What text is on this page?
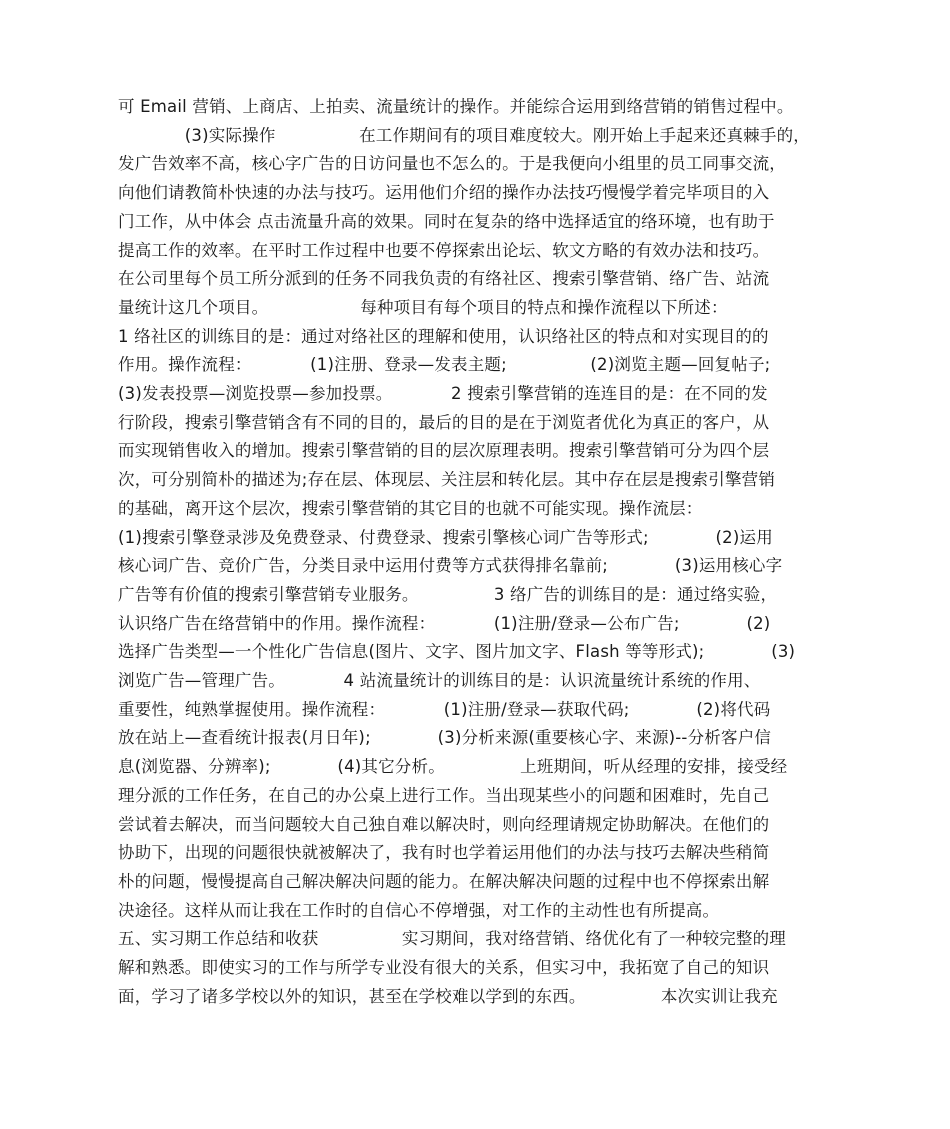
可 Email 营销、上商店、上拍卖、流量统计的操作。并能综合运用到络营销的销售过程中。
　　　　(3)实际操作　　　　　在工作期间有的项目难度较大。刚开始上手起来还真棘手的，
发广告效率不高，核心字广告的日访问量也不怎么的。于是我便向小组里的员工同事交流，
向他们请教简朴快速的办法与技巧。运用他们介绍的操作办法技巧慢慢学着完毕项目的入
门工作，从中体会 点击流量升高的效果。同时在复杂的络中选择适宜的络环境，也有助于
提高工作的效率。在平时工作过程中也要不停探索出论坛、软文方略的有效办法和技巧。
在公司里每个员工所分派到的任务不同我负责的有络社区、搜索引擎营销、络广告、站流
量统计这几个项目。　　　　　　每种项目有每个项目的特点和操作流程以下所述：
1 络社区的训练目的是：通过对络社区的理解和使用，认识络社区的特点和对实现目的的
作用。操作流程：　　　　(1)注册、登录—发表主题;　　　　　(2)浏览主题—回复帖子;
(3)发表投票—浏览投票—参加投票。　　　　2 搜索引擎营销的连连目的是：在不同的发
行阶段，搜索引擎营销含有不同的目的，最后的目的是在于浏览者优化为真正的客户，从
而实现销售收入的增加。搜索引擎营销的目的层次原理表明。搜索引擎营销可分为四个层
次，可分别简朴的描述为;存在层、体现层、关注层和转化层。其中存在层是搜索引擎营销
的基础，离开这个层次，搜索引擎营销的其它目的也就不可能实现。操作流层：
(1)搜索引擎登录涉及免费登录、付费登录、搜索引擎核心词广告等形式;　　　　(2)运用
核心词广告、竞价广告，分类目录中运用付费等方式获得排名靠前;　　　　(3)运用核心字
广告等有价值的搜索引擎营销专业服务。　　　　　3 络广告的训练目的是：通过络实验，
认识络广告在络营销中的作用。操作流程：　　　　(1)注册/登录—公布广告;　　　　(2)
选择广告类型—一个性化广告信息(图片、文字、图片加文字、Flash 等等形式);　　　　(3)
浏览广告—管理广告。　　　　4 站流量统计的训练目的是：认识流量统计系统的作用、
重要性，纯熟掌握使用。操作流程：　　　　(1)注册/登录—获取代码;　　　　(2)将代码
放在站上—查看统计报表(月日年);　　　　(3)分析来源(重要核心字、来源)--分析客户信
息(浏览器、分辨率);　　　　(4)其它分析。　　　　　上班期间，听从经理的安排，接受经
理分派的工作任务，在自己的办公桌上进行工作。当出现某些小的问题和困难时，先自己
尝试着去解决，而当问题较大自己独自难以解决时，则向经理请规定协助解决。在他们的
协助下，出现的问题很快就被解决了，我有时也学着运用他们的办法与技巧去解决些稍简
朴的问题，慢慢提高自己解决解决问题的能力。在解决解决问题的过程中也不停探索出解
决途径。这样从而让我在工作时的自信心不停增强，对工作的主动性也有所提高。
五、实习期工作总结和收获　　　　　实习期间，我对络营销、络优化有了一种较完整的理
解和熟悉。即使实习的工作与所学专业没有很大的关系，但实习中，我拓宽了自己的知识
面，学习了诸多学校以外的知识，甚至在学校难以学到的东西。　　　　　本次实训让我充
